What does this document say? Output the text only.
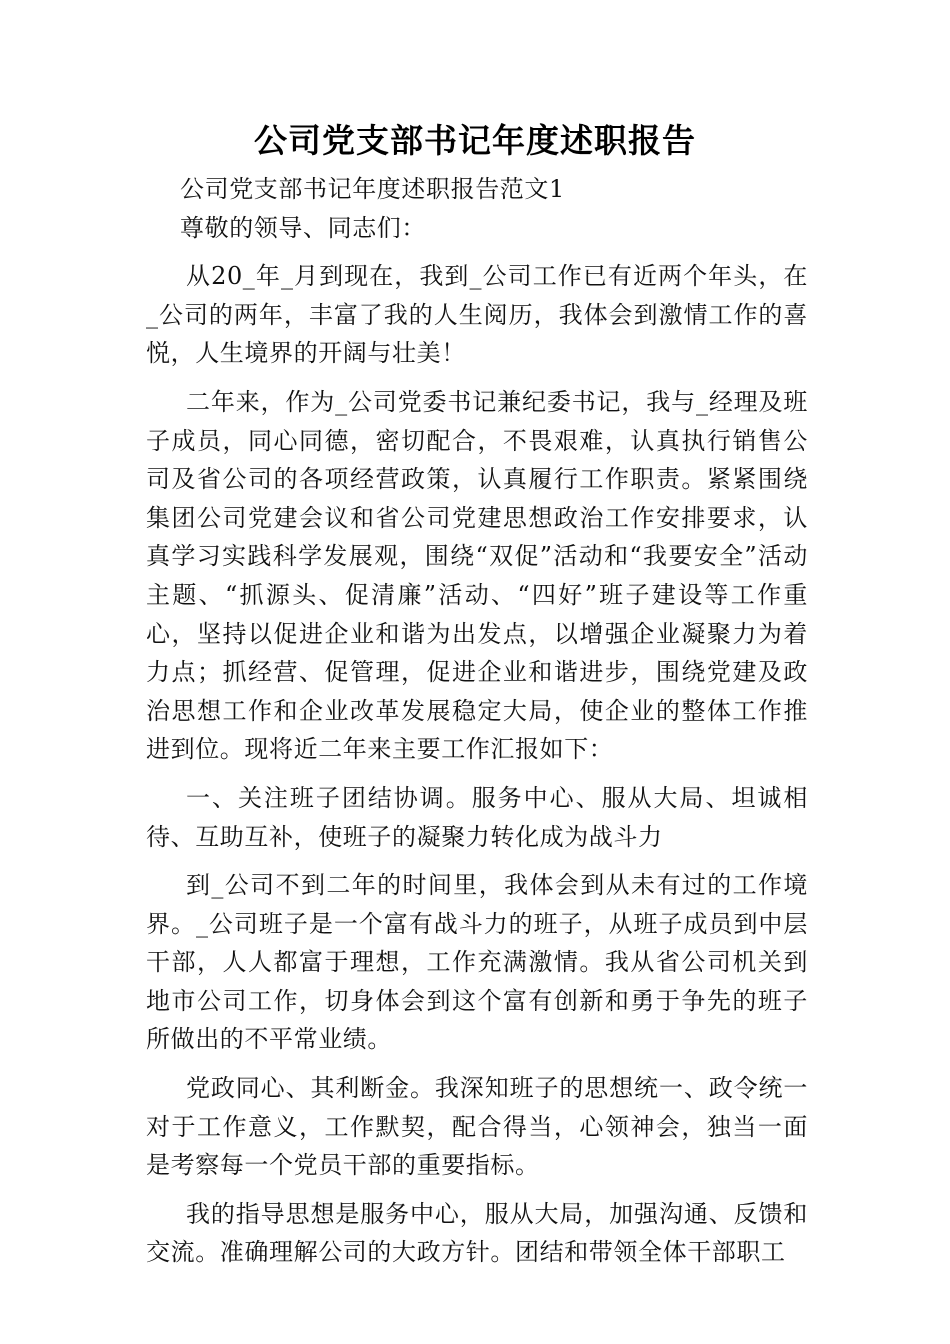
公司党支部书记年度述职报告

公司党支部书记年度述职报告范文1

尊敬的领导、同志们：

从20_年_月到现在，我到_公司工作已有近两个年头，在_公司的两年，丰富了我的人生阅历，我体会到激情工作的喜悦，人生境界的开阔与壮美！

二年来，作为_公司党委书记兼纪委书记，我与_经理及班子成员，同心同德，密切配合，不畏艰难，认真执行销售公司及省公司的各项经营政策，认真履行工作职责。紧紧围绕集团公司党建会议和省公司党建思想政治工作安排要求，认真学习实践科学发展观，围绕“双促”活动和“我要安全”活动主题、“抓源头、促清廉”活动、“四好”班子建设等工作重心，坚持以促进企业和谐为出发点，以增强企业凝聚力为着力点；抓经营、促管理，促进企业和谐进步，围绕党建及政治思想工作和企业改革发展稳定大局，使企业的整体工作推进到位。现将近二年来主要工作汇报如下：

一、关注班子团结协调。服务中心、服从大局、坦诚相待、互助互补，使班子的凝聚力转化成为战斗力

到_公司不到二年的时间里，我体会到从未有过的工作境界。_公司班子是一个富有战斗力的班子，从班子成员到中层干部，人人都富于理想，工作充满激情。我从省公司机关到地市公司工作，切身体会到这个富有创新和勇于争先的班子所做出的不平常业绩。

党政同心、其利断金。我深知班子的思想统一、政令统一对于工作意义，工作默契，配合得当，心领神会，独当一面是考察每一个党员干部的重要指标。

我的指导思想是服务中心，服从大局，加强沟通、反馈和交流。准确理解公司的大政方针。团结和带领全体干部职工
